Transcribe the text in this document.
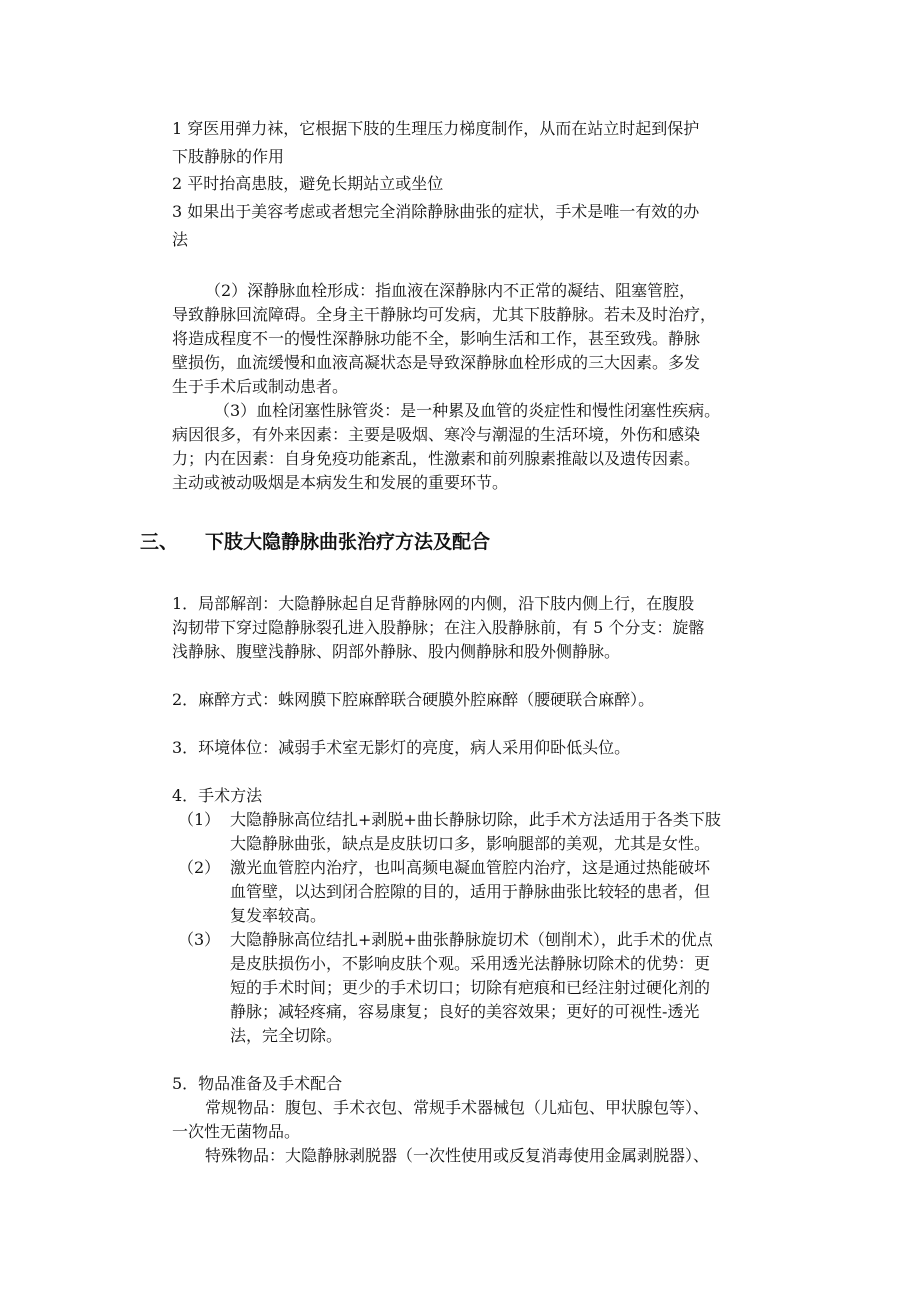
1 穿医用弹力袜，它根据下肢的生理压力梯度制作，从而在站立时起到保护
下肢静脉的作用
2 平时抬高患肢，避免长期站立或坐位
3 如果出于美容考虑或者想完全消除静脉曲张的症状，手术是唯一有效的办
法
（2）深静脉血栓形成：指血液在深静脉内不正常的凝结、阻塞管腔，
导致静脉回流障碍。全身主干静脉均可发病，尤其下肢静脉。若未及时治疗，
将造成程度不一的慢性深静脉功能不全，影响生活和工作，甚至致残。静脉
壁损伤，血流缓慢和血液高凝状态是导致深静脉血栓形成的三大因素。多发
生于手术后或制动患者。
（3）血栓闭塞性脉管炎：是一种累及血管的炎症性和慢性闭塞性疾病。
病因很多，有外来因素：主要是吸烟、寒冷与潮湿的生活环境，外伤和感染
力；内在因素：自身免疫功能紊乱，性激素和前列腺素推敲以及遗传因素。
主动或被动吸烟是本病发生和发展的重要环节。
三、 下肢大隐静脉曲张治疗方法及配合
1．局部解剖：大隐静脉起自足背静脉网的内侧，沿下肢内侧上行，在腹股
沟韧带下穿过隐静脉裂孔进入股静脉；在注入股静脉前，有 5 个分支：旋髂
浅静脉、腹壁浅静脉、阴部外静脉、股内侧静脉和股外侧静脉。
2．麻醉方式：蛛网膜下腔麻醉联合硬膜外腔麻醉（腰硬联合麻醉）。
3．环境体位：减弱手术室无影灯的亮度，病人采用仰卧低头位。
4．手术方法
（1） 大隐静脉高位结扎+剥脱+曲长静脉切除，此手术方法适用于各类下肢
大隐静脉曲张，缺点是皮肤切口多，影响腿部的美观，尤其是女性。
（2） 激光血管腔内治疗，也叫高频电凝血管腔内治疗，这是通过热能破坏
血管壁，以达到闭合腔隙的目的，适用于静脉曲张比较轻的患者，但
复发率较高。
（3） 大隐静脉高位结扎+剥脱+曲张静脉旋切术（刨削术），此手术的优点
是皮肤损伤小，不影响皮肤个观。采用透光法静脉切除术的优势：更
短的手术时间；更少的手术切口；切除有疤痕和已经注射过硬化剂的
静脉；减轻疼痛，容易康复；良好的美容效果；更好的可视性-透光
法，完全切除。
5．物品准备及手术配合
常规物品：腹包、手术衣包、常规手术器械包（儿疝包、甲状腺包等）、
一次性无菌物品。
特殊物品：大隐静脉剥脱器（一次性使用或反复消毒使用金属剥脱器）、
